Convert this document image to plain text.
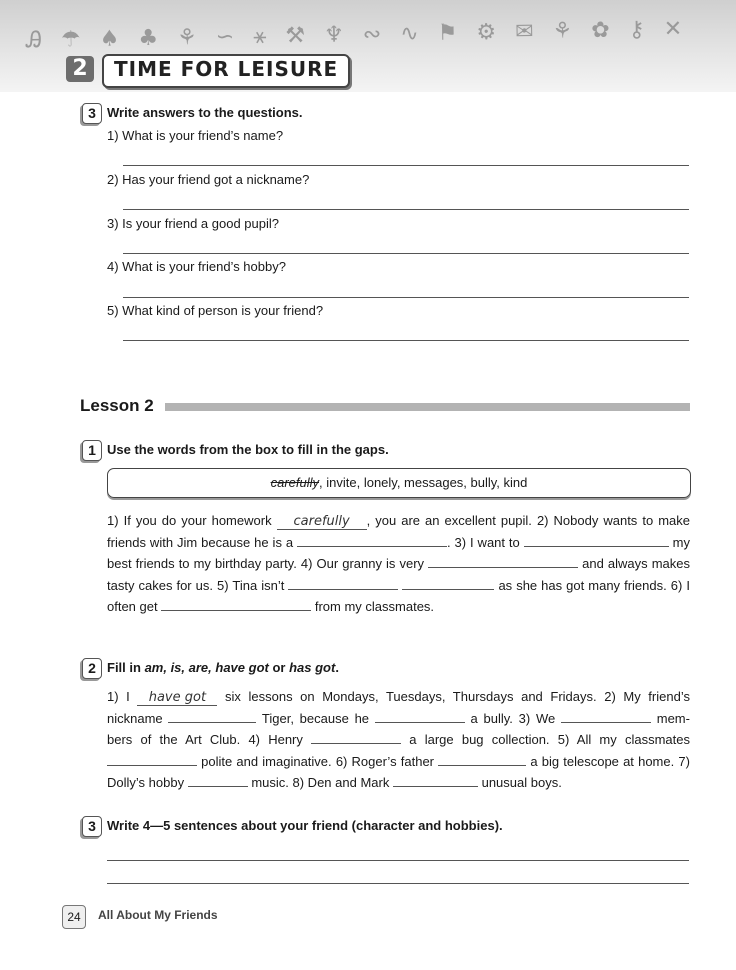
Ꭿ ☂ ♠ ♣ ⚘ ∽ ⚹ ⚒ ♆ ∾ ∿ ⚑ ⚙ ✉ ⚘ ✿ ⚷ ✕
2	TIME FOR LEISURE
3 Write answers to the questions.
1) What is your friend’s name?
2) Has your friend got a nickname?
3) Is your friend a good pupil?
4) What is your friend’s hobby?
5) What kind of person is your friend?
Lesson 2
1 Use the words from the box to fill in the gaps.
carefully, invite, lonely, messages, bully, kind
1) If you do your homework carefully , you are an excellent pupil. 2) Nobody wants to make friends with Jim because he is a	. 3) I want to	my best friends to my birthday party. 4) Our granny is very	and always makes tasty cakes for us. 5) Tina isn’t	as she has got many friends. 6) I often get	from my classmates.
2 Fill in am, is, are, have got or has got.
1) I have got six lessons on Mondays, Tuesdays, Thursdays and Fridays. 2) My friend’s nickname	Tiger, because he	a bully. 3) We	mem-bers of the Art Club. 4) Henry	a large bug collection. 5) All my classmates  polite and imaginative. 6) Roger’s father	a big telescope at home. 7) Dolly’s hobby	music. 8) Den and Mark	unusual boys.
3 Write 4—5 sentences about your friend (character and hobbies).
24	All About My Friends
